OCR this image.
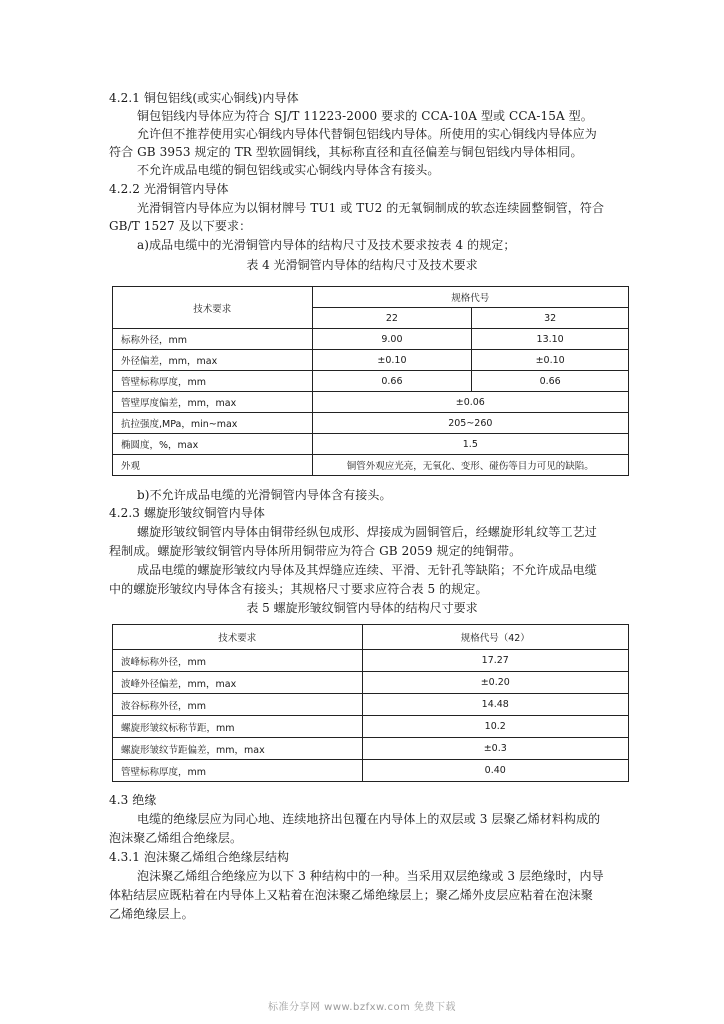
4.2.1 铜包铝线(或实心铜线)内导体
铜包铝线内导体应为符合 SJ/T 11223-2000 要求的 CCA-10A 型或 CCA-15A 型。
允许但不推荐使用实心铜线内导体代替铜包铝线内导体。所使用的实心铜线内导体应为
符合 GB 3953 规定的 TR 型软圆铜线，其标称直径和直径偏差与铜包铝线内导体相同。
不允许成品电缆的铜包铝线或实心铜线内导体含有接头。
4.2.2 光滑铜管内导体
光滑铜管内导体应为以铜材牌号 TU1 或 TU2 的无氧铜制成的软态连续圆整铜管，符合
GB/T 1527 及以下要求：
a)成品电缆中的光滑铜管内导体的结构尺寸及技术要求按表 4 的规定；
表 4 光滑铜管内导体的结构尺寸及技术要求
技术要求	规格代号	
	22	32
标称外径，mm	9.00	13.10
外径偏差，mm，max	±0.10	±0.10
管壁标称厚度，mm	0.66	0.66
管壁厚度偏差，mm，max	±0.06	
抗拉强度,MPa，min~max	205~260	
椭圆度，%，max	1.5	
外观	铜管外观应光亮，无氧化、变形、碰伤等目力可见的缺陷。	
b)不允许成品电缆的光滑铜管内导体含有接头。
4.2.3 螺旋形皱纹铜管内导体
螺旋形皱纹铜管内导体由铜带经纵包成形、焊接成为圆铜管后，经螺旋形轧纹等工艺过
程制成。螺旋形皱纹铜管内导体所用铜带应为符合 GB 2059 规定的纯铜带。
成品电缆的螺旋形皱纹内导体及其焊缝应连续、平滑、无针孔等缺陷；不允许成品电缆
中的螺旋形皱纹内导体含有接头；其规格尺寸要求应符合表 5 的规定。
表 5 螺旋形皱纹铜管内导体的结构尺寸要求
技术要求	规格代号（42）
波峰标称外径，mm	17.27
波峰外径偏差，mm，max	±0.20
波谷标称外径，mm	14.48
螺旋形皱纹标称节距，mm	10.2
螺旋形皱纹节距偏差，mm，max	±0.3
管壁标称厚度，mm	0.40
4.3 绝缘
电缆的绝缘层应为同心地、连续地挤出包覆在内导体上的双层或 3 层聚乙烯材料构成的
泡沫聚乙烯组合绝缘层。
4.3.1 泡沫聚乙烯组合绝缘层结构
泡沫聚乙烯组合绝缘应为以下 3 种结构中的一种。当采用双层绝缘或 3 层绝缘时，内导
体粘结层应既粘着在内导体上又粘着在泡沫聚乙烯绝缘层上；聚乙烯外皮层应粘着在泡沫聚
乙烯绝缘层上。
标准分享网 www.bzfxw.com 免费下载
